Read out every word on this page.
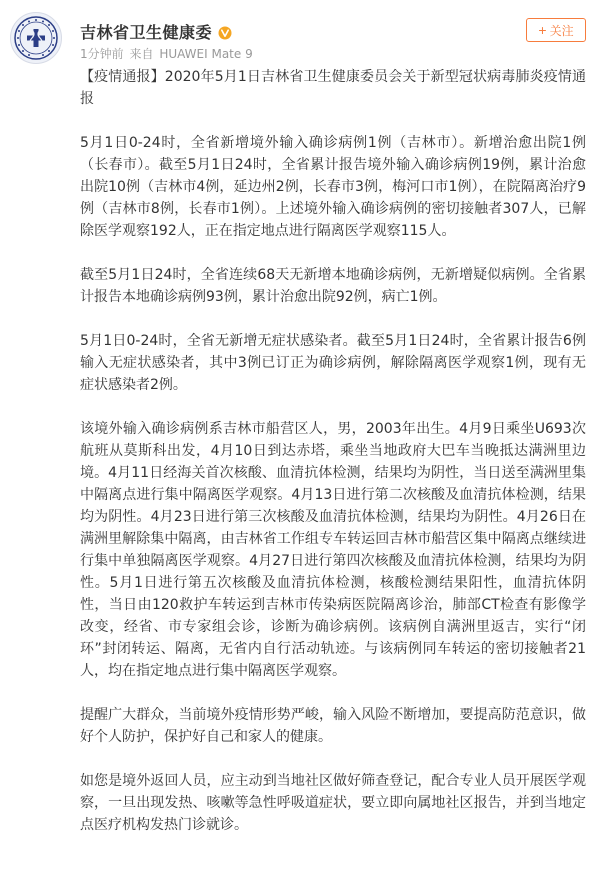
吉林省卫生健康委
1分钟前 来自 HUAWEI Mate 9
+ 关注

【疫情通报】2020年5月1日吉林省卫生健康委员会关于新型冠状病毒肺炎疫情通报

5月1日0-24时，全省新增境外输入确诊病例1例（吉林市）。新增治愈出院1例（长春市）。截至5月1日24时，全省累计报告境外输入确诊病例19例，累计治愈出院10例（吉林市4例，延边州2例，长春市3例，梅河口市1例），在院隔离治疗9例（吉林市8例，长春市1例）。上述境外输入确诊病例的密切接触者307人，已解除医学观察192人，正在指定地点进行隔离医学观察115人。

截至5月1日24时，全省连续68天无新增本地确诊病例，无新增疑似病例。全省累计报告本地确诊病例93例，累计治愈出院92例，病亡1例。

5月1日0-24时，全省无新增无症状感染者。截至5月1日24时，全省累计报告6例输入无症状感染者，其中3例已订正为确诊病例，解除隔离医学观察1例，现有无症状感染者2例。

该境外输入确诊病例系吉林市船营区人，男，2003年出生。4月9日乘坐U693次航班从莫斯科出发，4月10日到达赤塔，乘坐当地政府大巴车当晚抵达满洲里边境。4月11日经海关首次核酸、血清抗体检测，结果均为阴性，当日送至满洲里集中隔离点进行集中隔离医学观察。4月13日进行第二次核酸及血清抗体检测，结果均为阴性。4月23日进行第三次核酸及血清抗体检测，结果均为阴性。4月26日在满洲里解除集中隔离，由吉林省工作组专车转运回吉林市船营区集中隔离点继续进行集中单独隔离医学观察。4月27日进行第四次核酸及血清抗体检测，结果均为阴性。5月1日进行第五次核酸及血清抗体检测，核酸检测结果阳性，血清抗体阴性，当日由120救护车转运到吉林市传染病医院隔离诊治，肺部CT检查有影像学改变，经省、市专家组会诊，诊断为确诊病例。该病例自满洲里返吉，实行“闭环”封闭转运、隔离，无省内自行活动轨迹。与该病例同车转运的密切接触者21人，均在指定地点进行集中隔离医学观察。

提醒广大群众，当前境外疫情形势严峻，输入风险不断增加，要提高防范意识，做好个人防护，保护好自己和家人的健康。

如您是境外返回人员，应主动到当地社区做好筛查登记，配合专业人员开展医学观察，一旦出现发热、咳嗽等急性呼吸道症状，要立即向属地社区报告，并到当地定点医疗机构发热门诊就诊。
